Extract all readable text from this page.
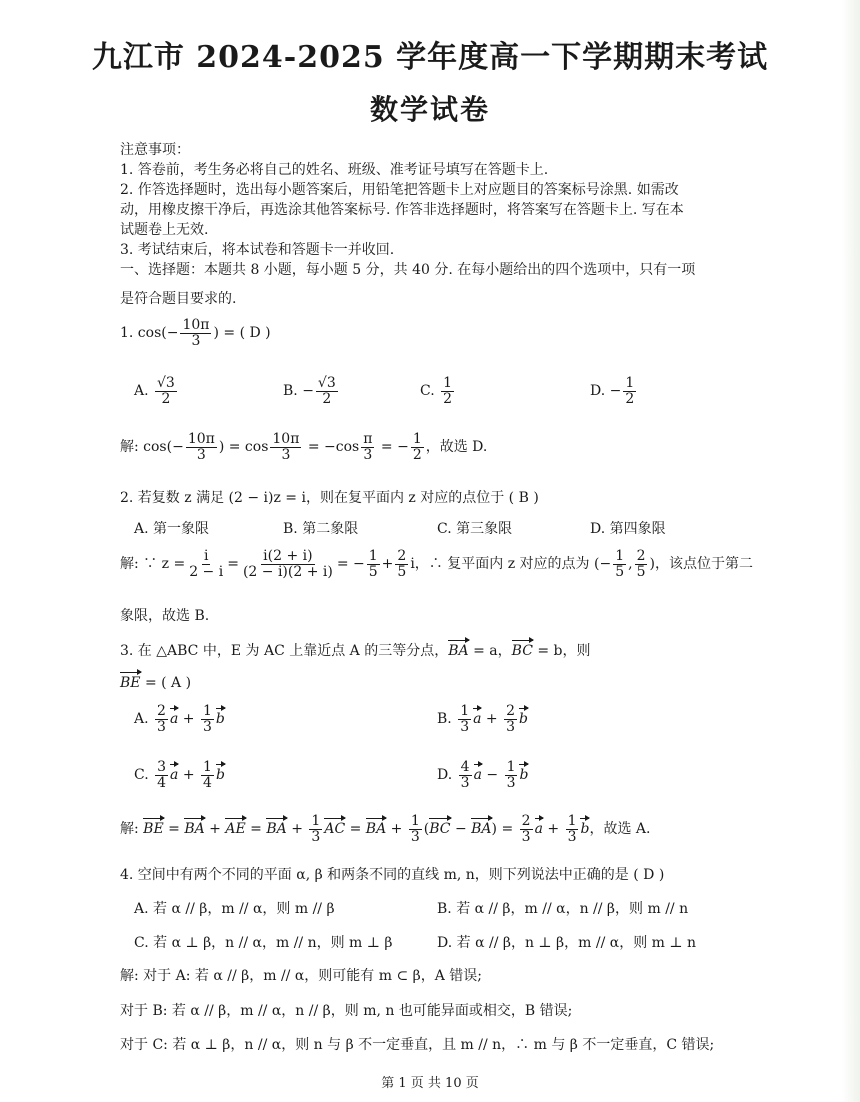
九江市 2024-2025 学年度高一下学期期末考试
数学试卷
注意事项：
1. 答卷前，考生务必将自己的姓名、班级、准考证号填写在答题卡上.
2. 作答选择题时，选出每小题答案后，用铅笔把答题卡上对应题目的答案标号涂黑. 如需改
动，用橡皮擦干净后，再选涂其他答案标号. 作答非选择题时，将答案写在答题卡上. 写在本
试题卷上无效.
3. 考试结束后，将本试卷和答题卡一并收回.
一、选择题：本题共 8 小题，每小题 5 分，共 40 分. 在每小题给出的四个选项中，只有一项
是符合题目要求的.
1. $\cos(- \frac{10\pi}{3}$ ) = ( D )
A. $\frac{√3}{2}$	B. − $\frac{√3}{2}$	C. $\frac{1}{2}$	D. − $\frac{1}{2}$
解: $\cos(- \frac{10\pi}{3}$ ) = $\cos \frac{10\pi}{3} = -\cos \frac{\pi}{3}$ = − $\frac{1}{2}$ ，故选 D.
2. 若复数 z 满足 (2 − i)z = i，则在复平面内 z 对应的点位于 ( B )
A. 第一象限	B. 第二象限	C. 第三象限	D. 第四象限
解: ∵ $z = \frac{i}{2 - i} = \frac{i(2 + i)}{(2 - i)(2 + i)}$ = − $\frac{1}{5} + \frac{2}{5}$ i，∴ 复平面内 z 对应的点为 (− $\frac{1}{5}$ , $\frac{2}{5}$ )，该点位于第二
象限，故选 B.
3. 在 △ABC 中，E 为 AC 上靠近点 A 的三等分点，BA = a，BC = b，则
BE = ( A )
A. $\frac{2}{3}$ $a + \frac{1}{3}$ b	B. $\frac{1}{3}$ $a + \frac{2}{3}$ b
C. $\frac{3}{4}$ $a + \frac{1}{4}$ b	D. $\frac{4}{3}$ $a - \frac{1}{3}$ b
解: BE = BA + AE = BA + $\frac{1}{3}$ AC = BA + $\frac{1}{3} (BC - BA) = \frac{2}{3}$ $a + \frac{1}{3}$ b，故选 A.
4. 空间中有两个不同的平面 α, β 和两条不同的直线 m, n，则下列说法中正确的是 ( D )
A. 若 α // β，m // α，则 m // β	B. 若 α // β，m // α，n // β，则 m // n
C. 若 α ⊥ β，n // α，m // n，则 m ⊥ β	D. 若 α // β，n ⊥ β，m // α，则 m ⊥ n
解: 对于 A: 若 α // β，m // α，则可能有 m ⊂ β，A 错误;
对于 B: 若 α // β，m // α，n // β，则 m, n 也可能异面或相交，B 错误;
对于 C: 若 α ⊥ β，n // α，则 n 与 β 不一定垂直，且 m // n，∴ m 与 β 不一定垂直，C 错误;
第 1 页 共 10 页
